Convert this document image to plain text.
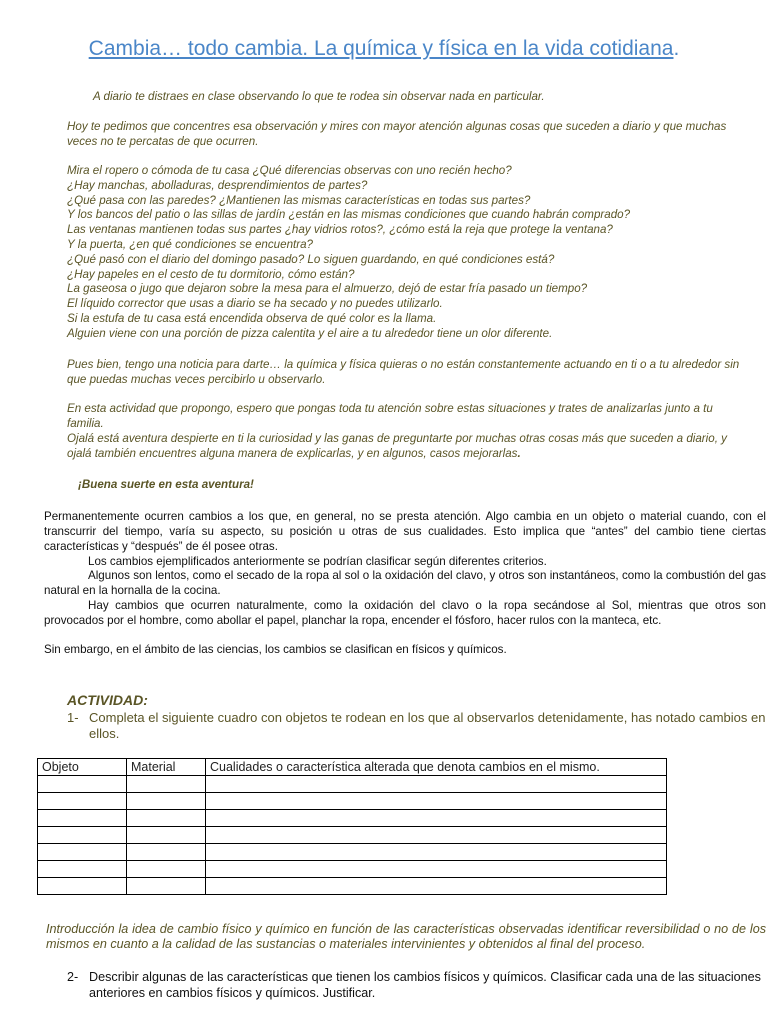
Cambia… todo cambia. La química y física en la vida cotidiana.
A diario te distraes en clase observando lo que te rodea sin observar nada en particular.
Hoy te pedimos que concentres esa observación y mires con mayor atención algunas cosas que suceden a diario y que muchas veces no te percatas de que ocurren.
Mira el ropero o cómoda de tu casa ¿Qué diferencias observas con uno recién hecho?
¿Hay manchas, abolladuras, desprendimientos de partes?
¿Qué pasa con las paredes? ¿Mantienen las mismas características en todas sus partes?
Y los bancos del patio o las sillas de jardín ¿están en las mismas condiciones que cuando habrán comprado?
Las ventanas mantienen todas sus partes ¿hay vidrios rotos?, ¿cómo está la reja que protege la ventana?
Y la puerta, ¿en qué condiciones se encuentra?
¿Qué pasó con el diario del domingo pasado? Lo siguen guardando, en qué condiciones está?
¿Hay papeles en el cesto de tu dormitorio, cómo están?
La gaseosa o jugo que dejaron sobre la mesa para el almuerzo, dejó de estar fría pasado un tiempo?
El líquido corrector que usas a diario se ha secado y no puedes utilizarlo.
Si la estufa de tu casa está encendida observa de qué color es la llama.
Alguien viene con una porción de pizza calentita y el aire a tu alrededor tiene un olor diferente.
Pues bien, tengo una noticia para darte… la química y física quieras o no están constantemente actuando en ti o a tu alrededor sin que puedas muchas veces percibirlo u observarlo.
En esta actividad que propongo, espero que pongas toda tu atención sobre estas situaciones y trates de analizarlas junto a tu familia.
Ojalá está aventura despierte en ti la curiosidad y las ganas de preguntarte por muchas otras cosas más que suceden a diario, y ojalá también encuentres alguna manera de explicarlas, y en algunos, casos mejorarlas.
¡Buena suerte en esta aventura!
Permanentemente ocurren cambios a los que, en general, no se presta atención. Algo cambia en un objeto o material cuando, con el transcurrir del tiempo, varía su aspecto, su posición u otras de sus cualidades. Esto implica que “antes” del cambio tiene ciertas características y “después” de él posee otras.
Los cambios ejemplificados anteriormente se podrían clasificar según diferentes criterios.
Algunos son lentos, como el secado de la ropa al sol o la oxidación del clavo, y otros son instantáneos, como la combustión del gas natural en la hornalla de la cocina.
Hay cambios que ocurren naturalmente, como la oxidación del clavo o la ropa secándose al Sol, mientras que otros son provocados por el hombre, como abollar el papel, planchar la ropa, encender el fósforo, hacer rulos con la manteca, etc.
Sin embargo, en el ámbito de las ciencias, los cambios se clasifican en físicos y químicos.
ACTIVIDAD:
1- Completa el siguiente cuadro con objetos te rodean en los que al observarlos detenidamente, has notado cambios en ellos.
Objeto	Material	Cualidades o característica alterada que denota cambios en el mismo.

Introducción la idea de cambio físico y químico en función de las características observadas identificar reversibilidad o no de los mismos en cuanto a la calidad de las sustancias o materiales intervinientes y obtenidos al final del proceso.
2- Describir algunas de las características que tienen los cambios físicos y químicos. Clasificar cada una de las situaciones anteriores en cambios físicos y químicos. Justificar.
